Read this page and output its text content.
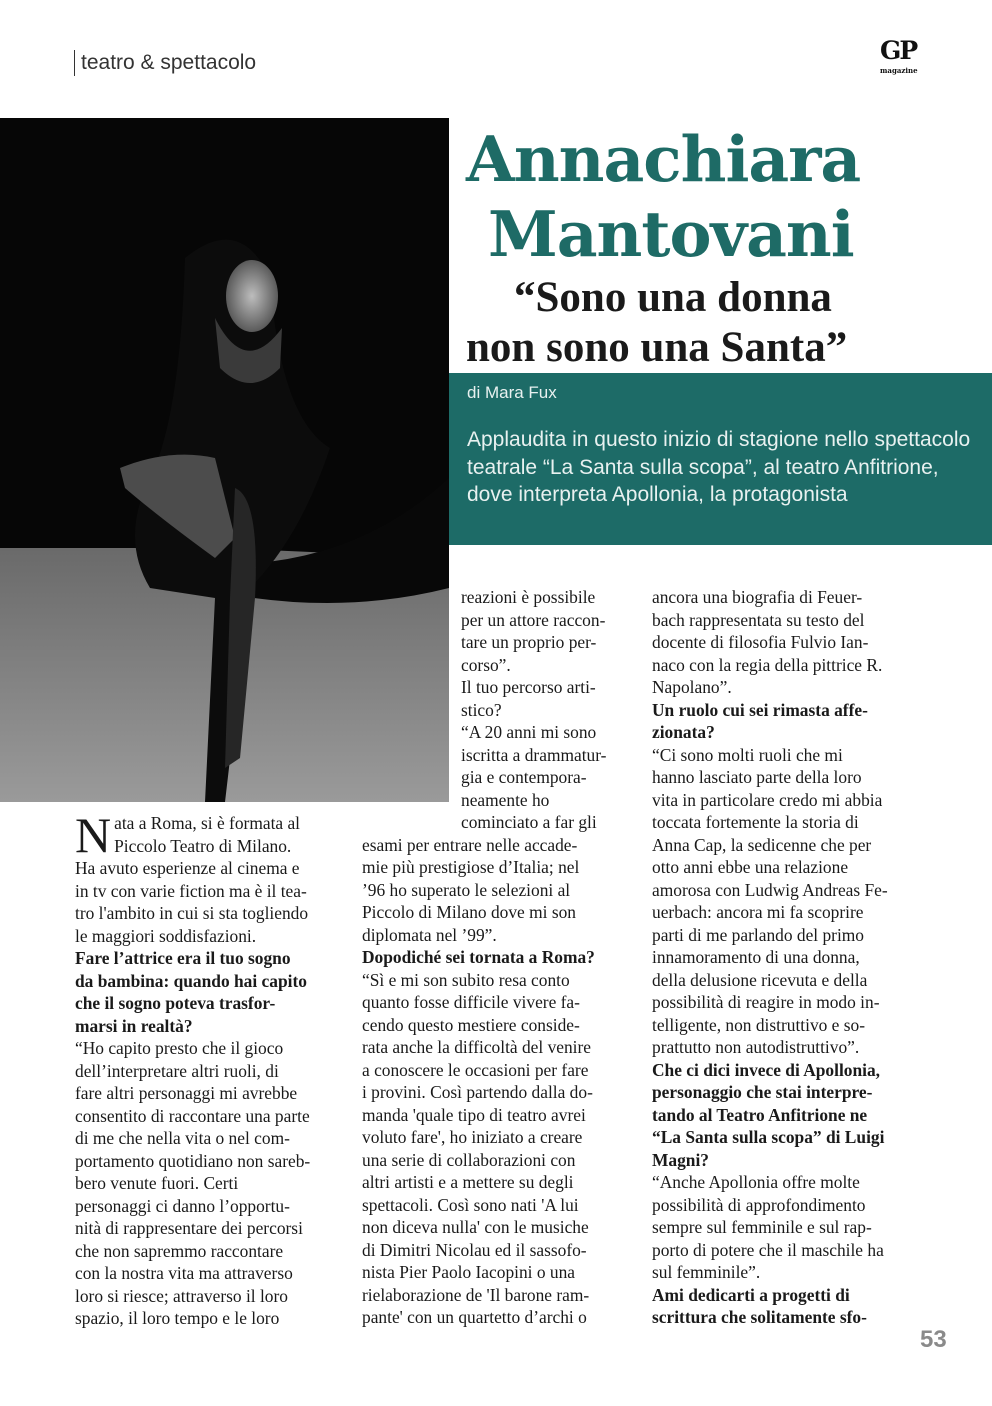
teatro & spettacolo	GP
magazine
Annachiara
Mantovani
“Sono una donna
non sono una Santa”
di Mara Fux
Applaudita in questo inizio di stagione nello spettacolo teatrale “La Santa sulla scopa”, al teatro Anfitrione, dove interpreta Apollonia, la protagonista
N ata a Roma, si è formata al
Piccolo Teatro di Milano.
Ha avuto esperienze al cinema e
in tv con varie fiction ma è il tea-
tro l'ambito in cui si sta togliendo
le maggiori soddisfazioni.
Fare l’attrice era il tuo sogno
da bambina: quando hai capito
che il sogno poteva trasfor-
marsi in realtà?
“Ho capito presto che il gioco
dell’interpretare altri ruoli, di
fare altri personaggi mi avrebbe
consentito di raccontare una parte
di me che nella vita o nel com-
portamento quotidiano non sareb-
bero venute fuori. Certi
personaggi ci danno l’opportu-
nità di rappresentare dei percorsi
che non sapremmo raccontare
con la nostra vita ma attraverso
loro si riesce; attraverso il loro
spazio, il loro tempo e le loro
reazioni è possibile
per un attore raccon-
tare un proprio per-
corso”.
Il tuo percorso arti-
stico?
“A 20 anni mi sono
iscritta a drammatur-
gia e contempora-
neamente ho
cominciato a far gli
esami per entrare nelle accade-
mie più prestigiose d’Italia; nel
’96 ho superato le selezioni al
Piccolo di Milano dove mi son
diplomata nel ’99”.
Dopodiché sei tornata a Roma?
“Sì e mi son subito resa conto
quanto fosse difficile vivere fa-
cendo questo mestiere conside-
rata anche la difficoltà del venire
a conoscere le occasioni per fare
i provini. Così partendo dalla do-
manda 'quale tipo di teatro avrei
voluto fare', ho iniziato a creare
una serie di collaborazioni con
altri artisti e a mettere su degli
spettacoli. Così sono nati 'A lui
non diceva nulla' con le musiche
di Dimitri Nicolau ed il sassofo-
nista Pier Paolo Iacopini o una
rielaborazione de 'Il barone ram-
pante' con un quartetto d’archi o
ancora una biografia di Feuer-
bach rappresentata su testo del
docente di filosofia Fulvio Ian-
naco con la regia della pittrice R.
Napolano”.
Un ruolo cui sei rimasta affe-
zionata?
“Ci sono molti ruoli che mi
hanno lasciato parte della loro
vita in particolare credo mi abbia
toccata fortemente la storia di
Anna Cap, la sedicenne che per
otto anni ebbe una relazione
amorosa con Ludwig Andreas Fe-
uerbach: ancora mi fa scoprire
parti di me parlando del primo
innamoramento di una donna,
della delusione ricevuta e della
possibilità di reagire in modo in-
telligente, non distruttivo e so-
prattutto non autodistruttivo”.
Che ci dici invece di Apollonia,
personaggio che stai interpre-
tando al Teatro Anfitrione ne
“La Santa sulla scopa” di Luigi
Magni?
“Anche Apollonia offre molte
possibilità di approfondimento
sempre sul femminile e sul rap-
porto di potere che il maschile ha
sul femminile”.
Ami dedicarti a progetti di
scrittura che solitamente sfo-
53
